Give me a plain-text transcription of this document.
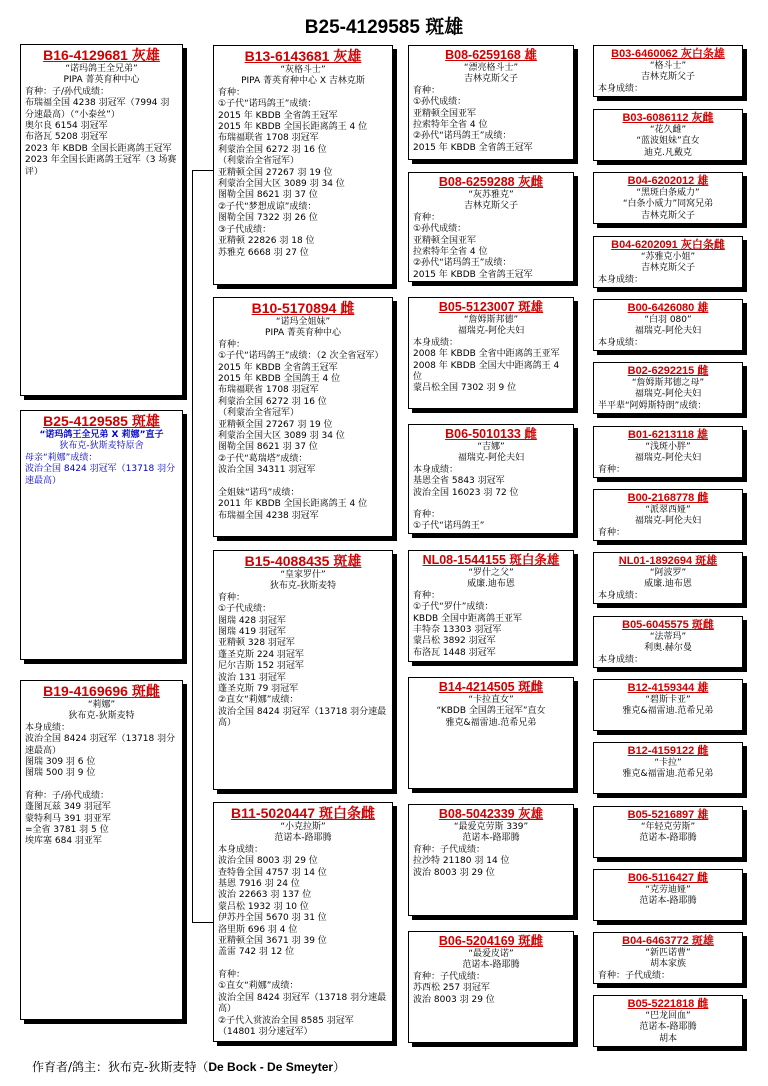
B25-4129585 斑雄
B16-4129681 灰雄
“诺玛鸽王全兄弟”
PIPA 菁英育种中心
育种：子/孙代成绩：
布瑞福全国 4238 羽冠军（7994 羽分速最高）（“小泰丝”）
奥尔良 6154 羽冠军
布洛瓦 5208 羽冠军
2023 年 KBDB 全国长距离鸽王冠军
2023 年全国长距离鸽王冠军（3 场赛评）
B25-4129585 斑雄
“诺玛鸽王全兄弟 X 莉娜”直子
狄布克-狄斯麦特原舍
母亲“莉娜”成绩：
波治全国 8424 羽冠军（13718 羽分速最高）
B19-4169696 斑雌
“莉娜”
狄布克-狄斯麦特
本身成绩：
波治全国 8424 羽冠军（13718 羽分速最高）
图瑞 309 羽 6 位
图瑞 500 羽 9 位
育种：子/孙代成绩：
蓬图瓦兹 349 羽冠军
蒙特利马 391 羽亚军
=全省 3781 羽 5 位
埃库塞 684 羽亚军
B13-6143681 灰雄
“灰格斗士”
PIPA 菁英育种中心 X 吉林克斯
育种：
①子代“诺玛鸽王”成绩：
2015 年 KBDB 全省鸽王冠军
2015 年 KBDB 全国长距离鸽王 4 位
布瑞福联省 1708 羽冠军
利蒙治全国 6272 羽 16 位
（利蒙治全省冠军）
亚精顿全国 27267 羽 19 位
利蒙治全国大区 3089 羽 34 位
图勒全国 8621 羽 37 位
②子代“梦想成谅”成绩：
图勒全国 7322 羽 26 位
③子代成绩：
亚精顿 22826 羽 18 位
苏雅克 6668 羽 27 位
B10-5170894 雌
“诺玛全姐妹”
PIPA 菁英育种中心
育种：
①子代“诺玛鸽王”成绩：（2 次全省冠军）
2015 年 KBDB 全省鸽王冠军
2015 年 KBDB 全国鸽王 4 位
布瑞福联省 1708 羽冠军
利蒙治全国 6272 羽 16 位
（利蒙治全省冠军）
亚精顿全国 27267 羽 19 位
利蒙治全国大区 3089 羽 34 位
图勒全国 8621 羽 37 位
②子代“葛瑞塔”成绩：
波治全国 34311 羽冠军
全姐妹“诺玛”成绩：
2011 年 KBDB 全国长距离鸽王 4 位
布瑞福全国 4238 羽冠军
B15-4088435 斑雄
“皇家罗什”
狄布克-狄斯麦特
育种：
①子代成绩：
图瑞 428 羽冠军
图瑞 419 羽冠军
亚精顿 328 羽冠军
蓬圣克斯 224 羽冠军
尼尔吉斯 152 羽冠军
波治 131 羽冠军
蓬圣克斯 79 羽冠军
②直女“莉娜”成绩：
波治全国 8424 羽冠军（13718 羽分速最高）
B11-5020447 斑白条雌
“小克拉斯”
范诺本-路耶腾
本身成绩：
波治全国 8003 羽 29 位
查特鲁全国 4757 羽 14 位
基恩 7916 羽 24 位
波治 22663 羽 137 位
蒙吕松 1932 羽 10 位
伊苏丹全国 5670 羽 31 位
洛里斯 696 羽 4 位
亚精顿全国 3671 羽 39 位
盖雷 742 羽 12 位
育种：
①直女“莉娜”成绩：
波治全国 8424 羽冠军（13718 羽分速最高）
②子代入赏波治全国 8585 羽冠军
（14801 羽分速冠军）
B08-6259168 雄
“漂亮格斗士”
吉林克斯父子
育种：
①孙代成绩：
亚精顿全国亚军
拉索特年全省 4 位
②孙代“诺玛鸽王”成绩：
2015 年 KBDB 全省鸽王冠军
B08-6259288 灰雌
“灰苏雅克”
吉林克斯父子
育种：
①孙代成绩：
亚精顿全国亚军
拉索特年全省 4 位
②孙代“诺玛鸽王”成绩：
2015 年 KBDB 全省鸽王冠军
B05-5123007 斑雄
“詹姆斯邦德”
福瑞克-阿伦夫妇
本身成绩：
2008 年 KBDB 全省中距离鸽王亚军
2008 年 KBDB 全国大中距离鸽王 4 位
蒙吕松全国 7302 羽 9 位
B06-5010133 雌
“吉娜”
福瑞克-阿伦夫妇
本身成绩：
基恩全省 5843 羽冠军
波治全国 16023 羽 72 位
育种：
①子代“诺玛鸽王”
NL08-1544155 斑白条雄
“罗什之父”
威廉.迪布恩
育种：
①子代“罗什”成绩：
KBDB 全国中距离鸽王亚军
丰特奈 13303 羽冠军
蒙吕松 3892 羽冠军
布洛瓦 1448 羽冠军
B14-4214505 斑雌
“卡拉直女”
“KBDB 全国鸽王冠军”直女
雅克&福雷迪.范希兄弟
B08-5042339 灰雄
“最爱克劳斯 339”
范诺本-路耶腾
育种：子代成绩：
拉沙特 21180 羽 14 位
波治 8003 羽 29 位
B06-5204169 斑雌
“最爱皮诺”
范诺本-路耶腾
育种：子代成绩：
苏西松 257 羽冠军
波治 8003 羽 29 位
B03-6460062 灰白条雄
“格斗士”
吉林克斯父子
本身成绩：
B03-6086112 灰雌
“花久雌”
“蓝波姐妹”直女
迪克.凡戴克
B04-6202012 雄
“黑斑白条威力”
“白条小威力”同窝兄弟
吉林克斯父子
B04-6202091 灰白条雌
“苏雅克小姐”
吉林克斯父子
本身成绩：
B00-6426080 雄
“白羽 080”
福瑞克-阿伦夫妇
本身成绩：
B02-6292215 雌
“詹姆斯邦德之母”
福瑞克-阿伦夫妇
半平辈“阿姆斯特朗”成绩：
B01-6213118 雄
“浅斑小胖”
福瑞克-阿伦夫妇
育种：
B00-2168778 雌
“派翠西娅”
福瑞克-阿伦夫妇
育种：
NL01-1892694 斑雄
“阿波罗”
威廉.迪布恩
本身成绩：
B05-6045575 斑雌
“法蒂玛”
利奥.赫尔曼
本身成绩：
B12-4159344 雄
“碧斯卡亚”
雅克&福雷迪.范希兄弟
B12-4159122 雌
“卡拉”
雅克&福雷迪.范希兄弟
B05-5216897 雄
“年轻克劳斯”
范诺本-路耶腾
B06-5116427 雌
“克劳迪娅”
范诺本-路耶腾
B04-6463772 斑雄
“新匹诺曹”
胡本家族
育种：子代成绩：
B05-5221818 雌
“巴龙回血”
范诺本-路耶腾
胡本
作育者/鸽主：狄布克-狄斯麦特（De Bock - De Smeyter）
